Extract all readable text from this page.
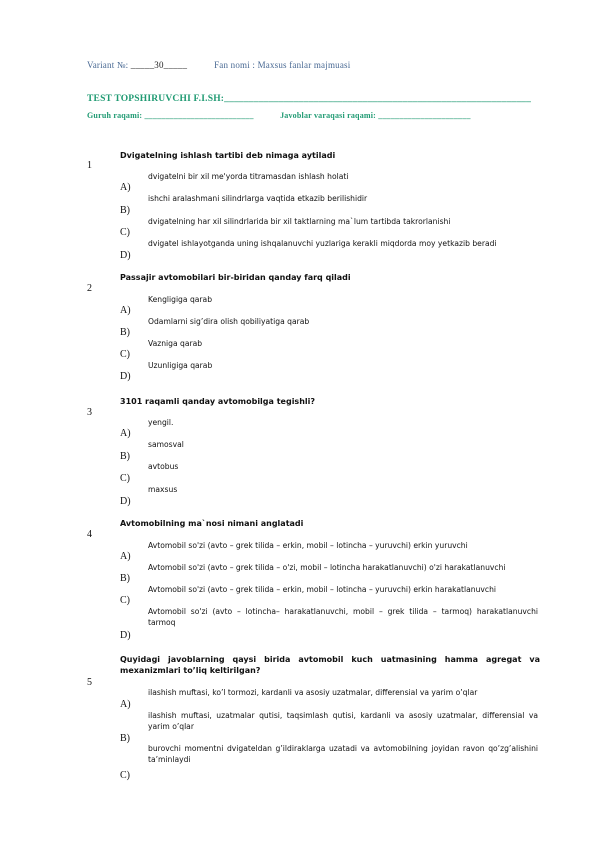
Variant №: _____30_____	Fan nomi : Maxsus fanlar majmuasi
TEST TOPSHIRUVCHI F.I.SH:______________________________________________________________
Guruh raqami: __________________________	Javoblar varaqasi raqami: ______________________
1
Dvigatelning ishlash tartibi deb nimaga aytiladi
A)
dvigatelni bir xil me'yorda titramasdan ishlash holati
B)
ishchi aralashmani silindrlarga vaqtida etkazib berilishidir
C)
dvigatelning har xil silindrlarida bir xil taktlarning ma`lum tartibda takrorlanishi
D)
dvigatel ishlayotganda uning ishqalanuvchi yuzlariga kerakli miqdorda moy yetkazib beradi
2
Passajir avtomobilari bir-biridan qanday farq qiladi
A)
Kengligiga qarab
B)
Odamlarni sig’dira olish qobiliyatiga qarab
C)
Vazniga qarab
D)
Uzunligiga qarab
3
3101 raqamli qanday avtomobilga tegishli?
A)
yengil.
B)
samosval
C)
avtobus
D)
maxsus
4
Avtomobilning ma`nosi nimani anglatadi
A)
Avtomobil so'zi (avto – grek tilida – erkin, mobil – lotincha – yuruvchi) erkin yuruvchi
B)
Avtomobil so'zi (avto – grek tilida – o'zi, mobil – lotincha harakatlanuvchi) o'zi harakatlanuvchi
C)
Avtomobil so'zi (avto – grek tilida – erkin, mobil – lotincha – yuruvchi) erkin harakatlanuvchi
D)
Avtomobil so'zi (avto – lotincha– harakatlanuvchi, mobil – grek tilida – tarmoq) harakatlanuvchi tarmoq
5
Quyidagi javoblarning qaysi birida avtomobil kuch uatmasining hamma agregat va mexanizmlari to’liq keltirilgan?
A)
ilashish muftasi, ko’l tormozi, kardanli va asosiy uzatmalar, differensial va yarim o’qlar
B)
ilashish muftasi, uzatmalar qutisi, taqsimlash qutisi, kardanli va asosiy uzatmalar, differensial va yarim o’qlar
C)
burovchi momentni dvigateldan g’ildiraklarga uzatadi va avtomobilning joyidan ravon qo’zg’alishini ta’minlaydi
